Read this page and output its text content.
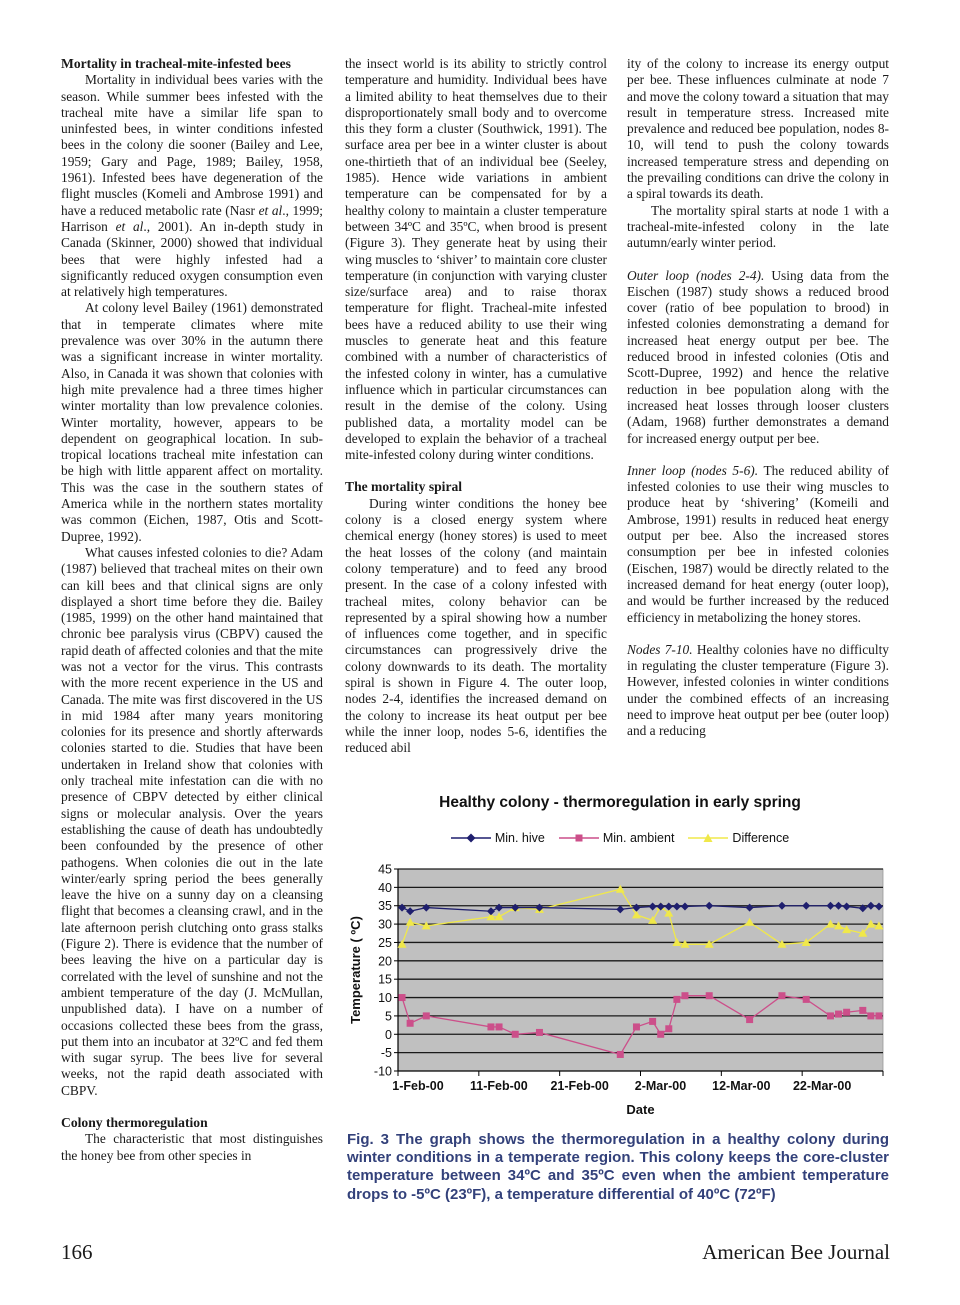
Mortality in tracheal-mite-infested bees

Mortality in individual bees varies with the season. While summer bees infested with the tracheal mite have a similar life span to uninfested bees, in winter conditions infested bees in the colony die sooner (Bailey and Lee, 1959; Gary and Page, 1989; Bailey, 1958, 1961). Infested bees have degeneration of the flight muscles (Komeli and Ambrose 1991) and have a reduced metabolic rate (Nasr et al., 1999; Harrison et al., 2001). An in-depth study in Canada (Skinner, 2000) showed that individual bees that were highly infested had a significantly reduced oxygen consumption even at relatively high temperatures.

At colony level Bailey (1961) demonstrated that in temperate climates where mite prevalence was over 30% in the autumn there was a significant increase in winter mortality. Also, in Canada it was shown that colonies with high mite prevalence had a three times higher winter mortality than low prevalence colonies. Winter mortality, however, appears to be dependent on geographical location. In sub-tropical locations tracheal mite infestation can be high with little apparent affect on mortality. This was the case in the southern states of America while in the northern states mortality was common (Eichen, 1987, Otis and Scott-Dupree, 1992).

What causes infested colonies to die? Adam (1987) believed that tracheal mites on their own can kill bees and that clinical signs are only displayed a short time before they die. Bailey (1985, 1999) on the other hand maintained that chronic bee paralysis virus (CBPV) caused the rapid death of affected colonies and that the mite was not a vector for the virus. This contrasts with the more recent experience in the US and Canada. The mite was first discovered in the US in mid 1984 after many years monitoring colonies for its presence and shortly afterwards colonies started to die. Studies that have been undertaken in Ireland show that colonies with only tracheal mite infestation can die with no presence of CBPV detected by either clinical signs or molecular analysis. Over the years establishing the cause of death has undoubtedly been confounded by the presence of other pathogens. When colonies die out in the late winter/early spring period the bees generally leave the hive on a sunny day on a cleansing flight that becomes a cleansing crawl, and in the late afternoon perish clutching onto grass stalks (Figure 2). There is evidence that the number of bees leaving the hive on a particular day is correlated with the level of sunshine and not the ambient temperature of the day (J. McMullan, unpublished data). I have on a number of occasions collected these bees from the grass, put them into an incubator at 32ºC and fed them with sugar syrup. The bees live for several weeks, not the rapid death associated with CBPV.

Colony thermoregulation

The characteristic that most distinguishes the honey bee from other species in

the insect world is its ability to strictly control temperature and humidity. Individual bees have a limited ability to heat themselves due to their disproportionately small body and to overcome this they form a cluster (Southwick, 1991). The surface area per bee in a winter cluster is about one-thirtieth that of an individual bee (Seeley, 1985). Hence wide variations in ambient temperature can be compensated for by a healthy colony to maintain a cluster temperature between 34ºC and 35ºC, when brood is present (Figure 3). They generate heat by using their wing muscles to ‘shiver’ to maintain core cluster temperature (in conjunction with varying cluster size/surface area) and to raise thorax temperature for flight. Tracheal-mite infested bees have a reduced ability to use their wing muscles to generate heat and this feature combined with a number of characteristics of the infested colony in winter, has a cumulative influence which in particular circumstances can result in the demise of the colony. Using published data, a mortality model can be developed to explain the behavior of a tracheal mite-infested colony during winter conditions.

The mortality spiral

During winter conditions the honey bee colony is a closed energy system where chemical energy (honey stores) is used to meet the heat losses of the colony (and maintain colony temperature) and to feed any brood present. In the case of a colony infested with tracheal mites, colony behavior can be represented by a spiral showing how a number of influences come together, and in specific circumstances can progressively drive the colony downwards to its death. The mortality spiral is shown in Figure 4. The outer loop, nodes 2-4, identifies the increased demand on the colony to increase its heat output per bee while the inner loop, nodes 5-6, identifies the reduced abil

ity of the colony to increase its energy output per bee. These influences culminate at node 7 and move the colony toward a situation that may result in temperature stress. Increased mite prevalence and reduced bee population, nodes 8-10, will tend to push the colony towards increased temperature stress and depending on the prevailing conditions can drive the colony in a spiral towards its death.

The mortality spiral starts at node 1 with a tracheal-mite-infested colony in the late autumn/early winter period.

Outer loop (nodes 2-4). Using data from the Eischen (1987) study shows a reduced brood cover (ratio of bee population to brood) in infested colonies demonstrating a demand for increased heat energy output per bee. The reduced brood in infested colonies (Otis and Scott-Dupree, 1992) and hence the relative reduction in bee population along with the increased heat losses through looser clusters (Adam, 1968) further demonstrates a demand for increased energy output per bee.

Inner loop (nodes 5-6). The reduced ability of infested colonies to use their wing muscles to produce heat by ‘shivering’ (Komeili and Ambrose, 1991) results in reduced heat energy output per bee. Also the increased stores consumption per bee in infested colonies (Eischen, 1987) would be directly related to the increased demand for heat energy (outer loop), and would be further increased by the reduced efficiency in metabolizing the honey stores.

Nodes 7-10. Healthy colonies have no difficulty in regulating the cluster temperature (Figure 3). However, infested colonies in winter conditions under the combined effects of an increasing need to improve heat output per bee (outer loop) and a reducing

Healthy colony - thermoregulation in early spring
Min. hive	Min. ambient	Difference
45
40
35
30
25
20
15
10
5
0
-5
-10
1-Feb-00 11-Feb-00 21-Feb-00 2-Mar-00 12-Mar-00 22-Mar-00
Date
Temperature ( ºC)
Fig. 3 The graph shows the thermoregulation in a healthy colony during winter conditions in a temperate region. This colony keeps the core-cluster temperature between 34ºC and 35ºC even when the ambient temperature drops to -5ºC (23ºF), a temperature differential of 40ºC (72ºF)
166	American Bee Journal
